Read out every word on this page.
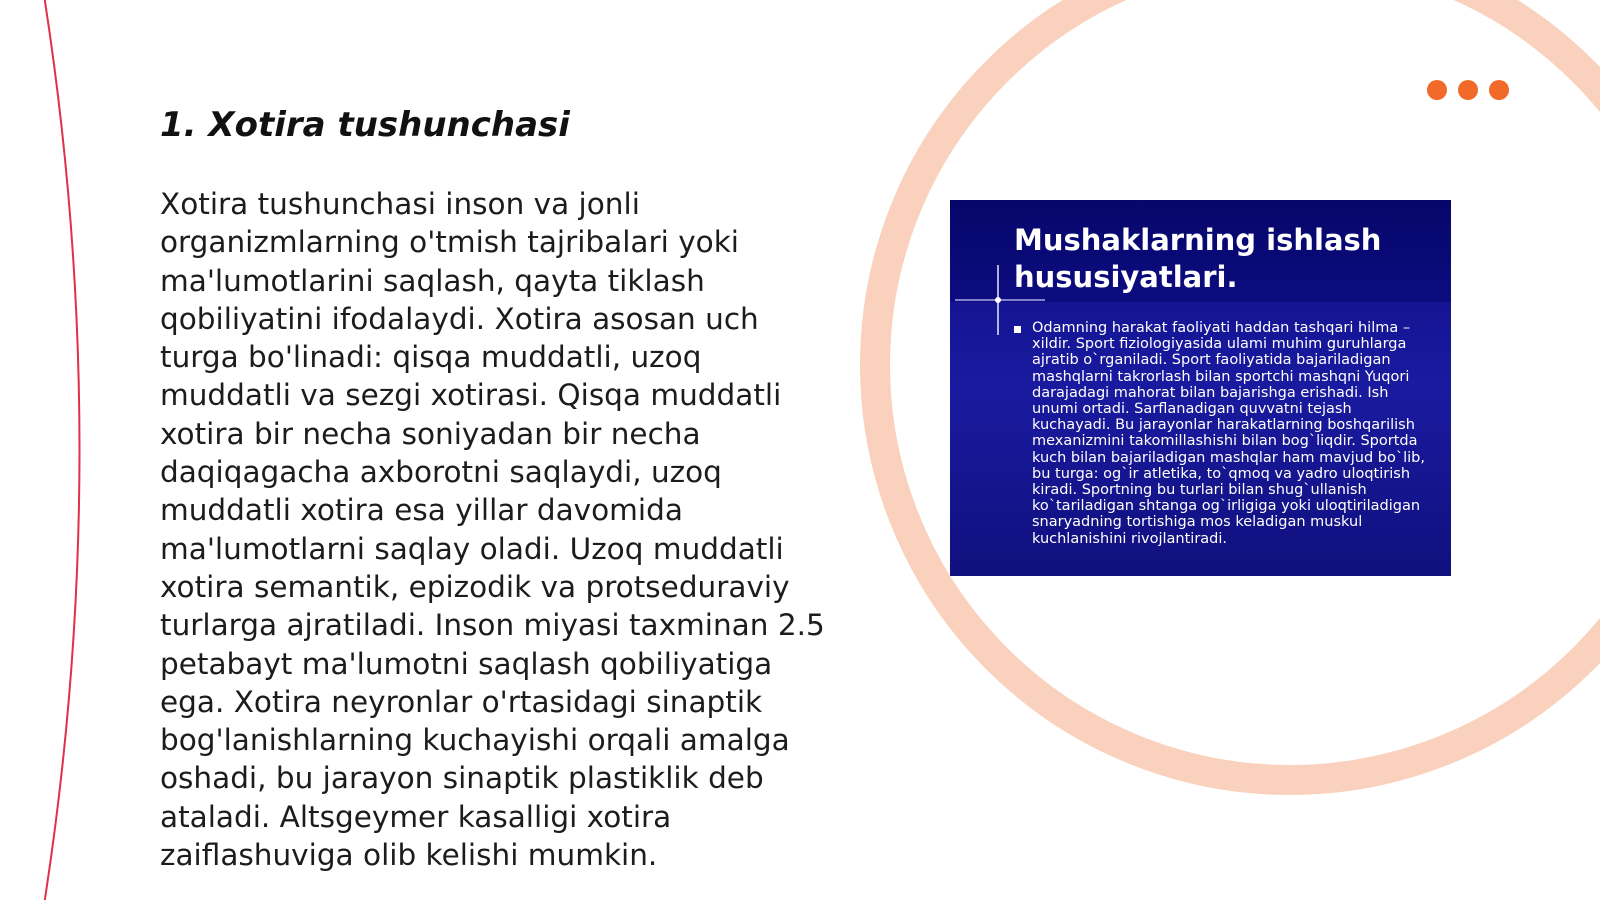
1. Xotira tushunchasi

Xotira tushunchasi inson va jonli organizmlarning o'tmish tajribalari yoki ma'lumotlarini saqlash, qayta tiklash qobiliyatini ifodalaydi. Xotira asosan uch turga bo'linadi: qisqa muddatli, uzoq muddatli va sezgi xotirasi. Qisqa muddatli xotira bir necha soniyadan bir necha daqiqagacha axborotni saqlaydi, uzoq muddatli xotira esa yillar davomida ma'lumotlarni saqlay oladi. Uzoq muddatli xotira semantik, epizodik va protseduraviy turlarga ajratiladi. Inson miyasi taxminan 2.5 petabayt ma'lumotni saqlash qobiliyatiga ega. Xotira neyronlar o'rtasidagi sinaptik bog'lanishlarning kuchayishi orqali amalga oshadi, bu jarayon sinaptik plastiklik deb ataladi. Altsgeymer kasalligi xotira zaiflashuviga olib kelishi mumkin.

Mushaklarning ishlash hususiyatlari.

Odamning harakat faoliyati haddan tashqari hilma – xildir. Sport fiziologiyasida ulami muhim guruhlarga ajratib o`rganiladi. Sport faoliyatida bajariladigan mashqlarni takrorlash bilan sportchi mashqni Yuqori darajadagi mahorat bilan bajarishga erishadi. Ish unumi ortadi. Sarflanadigan quvvatni tejash kuchayadi. Bu jarayonlar harakatlarning boshqarilish mexanizmini takomillashishi bilan bog`liqdir. Sportda kuch bilan bajariladigan mashqlar ham mavjud bo`lib, bu turga: og`ir atletika, to`qmoq va yadro uloqtirish kiradi. Sportning bu turlari bilan shug`ullanish ko`tariladigan shtanga og`irligiga yoki uloqtiriladigan snaryadning tortishiga mos keladigan muskul kuchlanishini rivojlantiradi.
